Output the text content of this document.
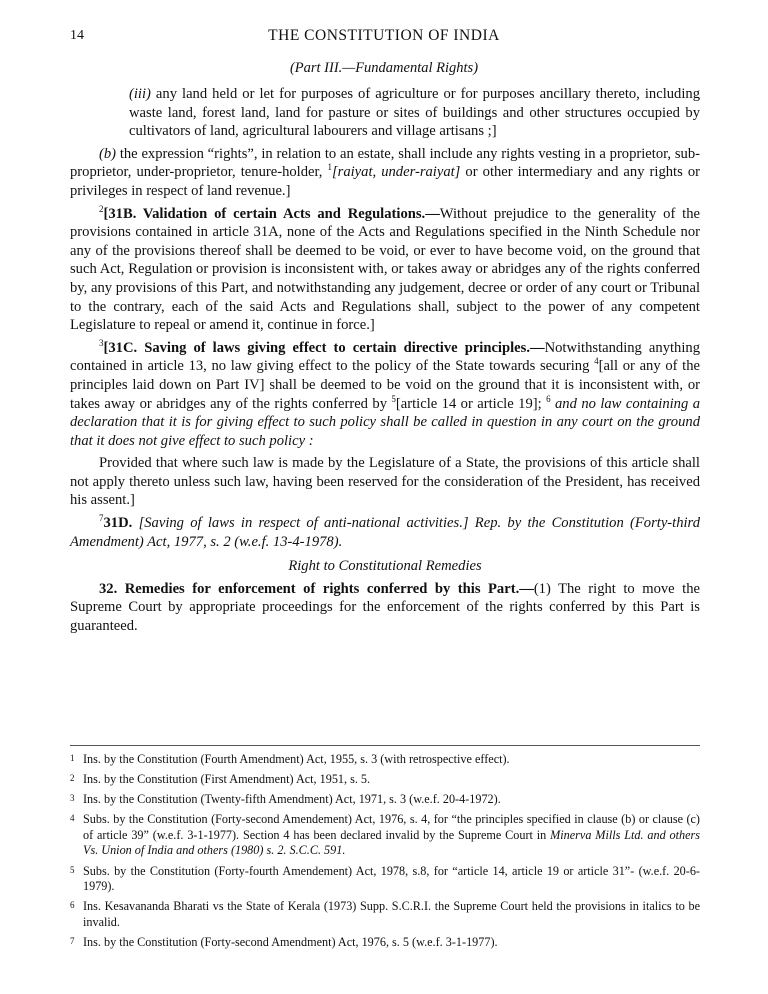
14	THE CONSTITUTION OF INDIA
(Part III.—Fundamental Rights)

(iii) any land held or let for purposes of agriculture or for purposes ancillary thereto, including waste land, forest land, land for pasture or sites of buildings and other structures occupied by cultivators of land, agricultural labourers and village artisans ;]

(b) the expression “rights”, in relation to an estate, shall include any rights vesting in a proprietor, sub-proprietor, under-proprietor, tenure-holder, $^1$[raiyat, under-raiyat] or other intermediary and any rights or privileges in respect of land revenue.]

$^2$[31B. Validation of certain Acts and Regulations.—Without prejudice to the generality of the provisions contained in article 31A, none of the Acts and Regulations specified in the Ninth Schedule nor any of the provisions thereof shall be deemed to be void, or ever to have become void, on the ground that such Act, Regulation or provision is inconsistent with, or takes away or abridges any of the rights conferred by, any provisions of this Part, and notwithstanding any judgement, decree or order of any court or Tribunal to the contrary, each of the said Acts and Regulations shall, subject to the power of any competent Legislature to repeal or amend it, continue in force.]

$^3$[31C. Saving of laws giving effect to certain directive principles.—Notwithstanding anything contained in article 13, no law giving effect to the policy of the State towards securing $^4$[all or any of the principles laid down on Part IV] shall be deemed to be void on the ground that it is inconsistent with, or takes away or abridges any of the rights conferred by $^5$[article 14 or article 19]; $^6$ and no law containing a declaration that it is for giving effect to such policy shall be called in question in any court on the ground that it does not give effect to such policy :

Provided that where such law is made by the Legislature of a State, the provisions of this article shall not apply thereto unless such law, having been reserved for the consideration of the President, has received his assent.]

$^7$31D. [Saving of laws in respect of anti-national activities.] Rep. by the Constitution (Forty-third Amendment) Act, 1977, s. 2 (w.e.f. 13-4-1978).

Right to Constitutional Remedies

32. Remedies for enforcement of rights conferred by this Part.—(1) The right to move the Supreme Court by appropriate proceedings for the enforcement of the rights conferred by this Part is guaranteed.

1 Ins. by the Constitution (Fourth Amendment) Act, 1955, s. 3 (with retrospective effect).
2 Ins. by the Constitution (First Amendment) Act, 1951, s. 5.
3 Ins. by the Constitution (Twenty-fifth Amendment) Act, 1971, s. 3 (w.e.f. 20-4-1972).
4 Subs. by the Constitution (Forty-second Amendement) Act, 1976, s. 4, for “the principles specified in clause (b) or clause (c) of article 39” (w.e.f. 3-1-1977). Section 4 has been declared invalid by the Supreme Court in Minerva Mills Ltd. and others Vs. Union of India and others (1980) s. 2. S.C.C. 591.
5 Subs. by the Constitution (Forty-fourth Amendement) Act, 1978, s.8, for “article 14, article 19 or article 31”- (w.e.f. 20-6-1979).
6 Ins. Kesavananda Bharati vs the State of Kerala (1973) Supp. S.C.R.I. the Supreme Court held the provisions in italics to be invalid.
7 Ins. by the Constitution (Forty-second Amendment) Act, 1976, s. 5 (w.e.f. 3-1-1977).
